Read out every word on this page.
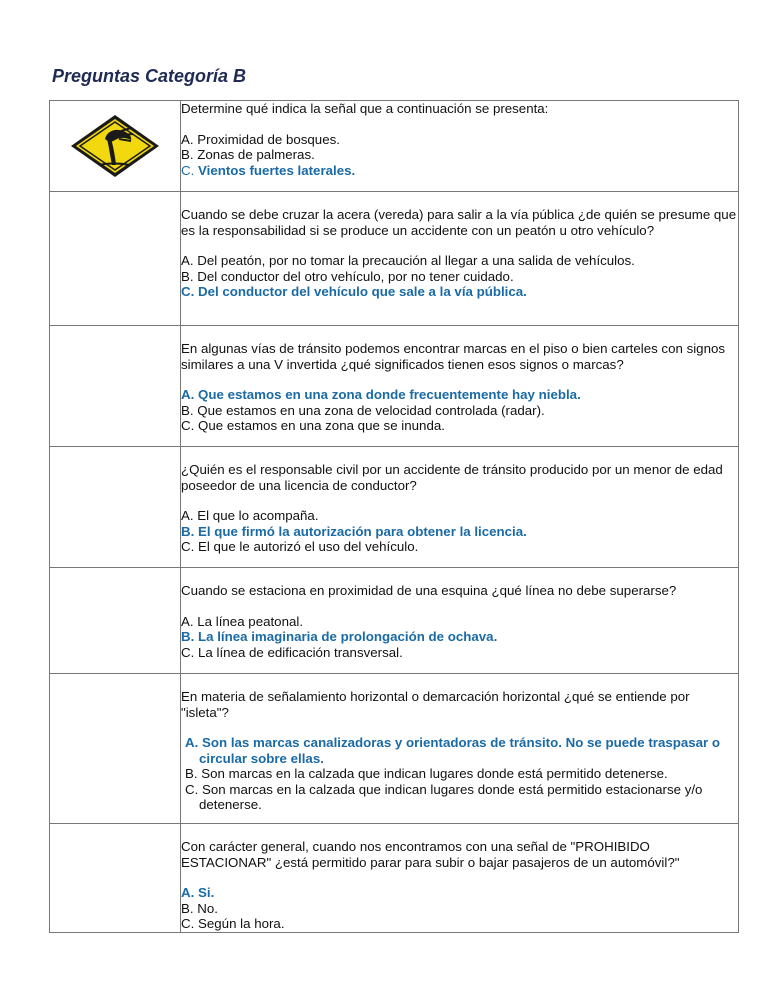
Preguntas Categoría B

Determine qué indica la señal que a continuación se presenta:

A. Proximidad de bosques.
B. Zonas de palmeras.
C. Vientos fuertes laterales.

	Cuando se debe cruzar la acera (vereda) para salir a la vía pública ¿de quién se presume que es la responsabilidad si se produce un accidente con un peatón u otro vehículo?

A. Del peatón, por no tomar la precaución al llegar a una salida de vehículos.
B. Del conductor del otro vehículo, por no tener cuidado.
C. Del conductor del vehículo que sale a la vía pública.

	En algunas vías de tránsito podemos encontrar marcas en el piso o bien carteles con signos similares a una V invertida ¿qué significados tienen esos signos o marcas?

A. Que estamos en una zona donde frecuentemente hay niebla.
B. Que estamos en una zona de velocidad controlada (radar).
C. Que estamos en una zona que se inunda.

	¿Quién es el responsable civil por un accidente de tránsito producido por un menor de edad poseedor de una licencia de conductor?

A. El que lo acompaña.
B. El que firmó la autorización para obtener la licencia.
C. El que le autorizó el uso del vehículo.

	Cuando se estaciona en proximidad de una esquina ¿qué línea no debe superarse?

A. La línea peatonal.
B. La línea imaginaria de prolongación de ochava.
C. La línea de edificación transversal.

	En materia de señalamiento horizontal o demarcación horizontal ¿qué se entiende por "isleta"?

A. Son las marcas canalizadoras y orientadoras de tránsito. No se puede traspasar o circular sobre ellas.
B. Son marcas en la calzada que indican lugares donde está permitido detenerse.
C. Son marcas en la calzada que indican lugares donde está permitido estacionarse y/o detenerse.

	Con carácter general, cuando nos encontramos con una señal de "PROHIBIDO ESTACIONAR" ¿está permitido parar para subir o bajar pasajeros de un automóvil?"

A. Si.
B. No.
C. Según la hora.
